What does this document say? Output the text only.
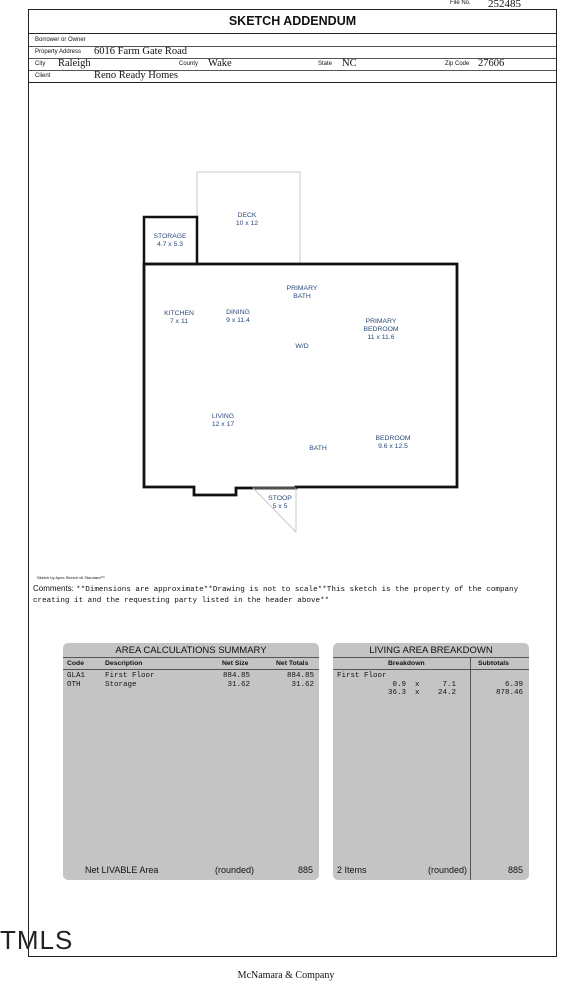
File No. 252485
SKETCH ADDENDUM
Borrower or Owner
Property Address 6016 Farm Gate Road
City Raleigh	County Wake	State NC	Zip Code 27606
Client	Reno Ready Homes
DECK
10 x 12
STORAGE
4.7 x 5.3
KITCHEN
7 x 11
DINING
9 x 11.4
PRIMARY
BATH
PRIMARY
BEDROOM
11 x 11.6
W/D
LIVING
12 x 17
BATH
BEDROOM
9.6 x 12.5
STOOP
5 x 5
Sketch by Apex Sketch v6 Standard™
Comments: **Dimensions are approximate**Drawing is not to scale**This sketch is the property of the company creating it and the requesting party listed in the header above**
AREA CALCULATIONS SUMMARY
Code	Description	Net Size	Net Totals
GLA1	First Floor	884.85	884.85
OTH	Storage	31.62	31.62
Net LIVABLE Area	(rounded)	885
LIVING AREA BREAKDOWN
Breakdown	Subtotals
First Floor
0.9 x	7.1	6.39
36.3 x	24.2	878.46
2 Items	(rounded)	885
TMLS
McNamara & Company
